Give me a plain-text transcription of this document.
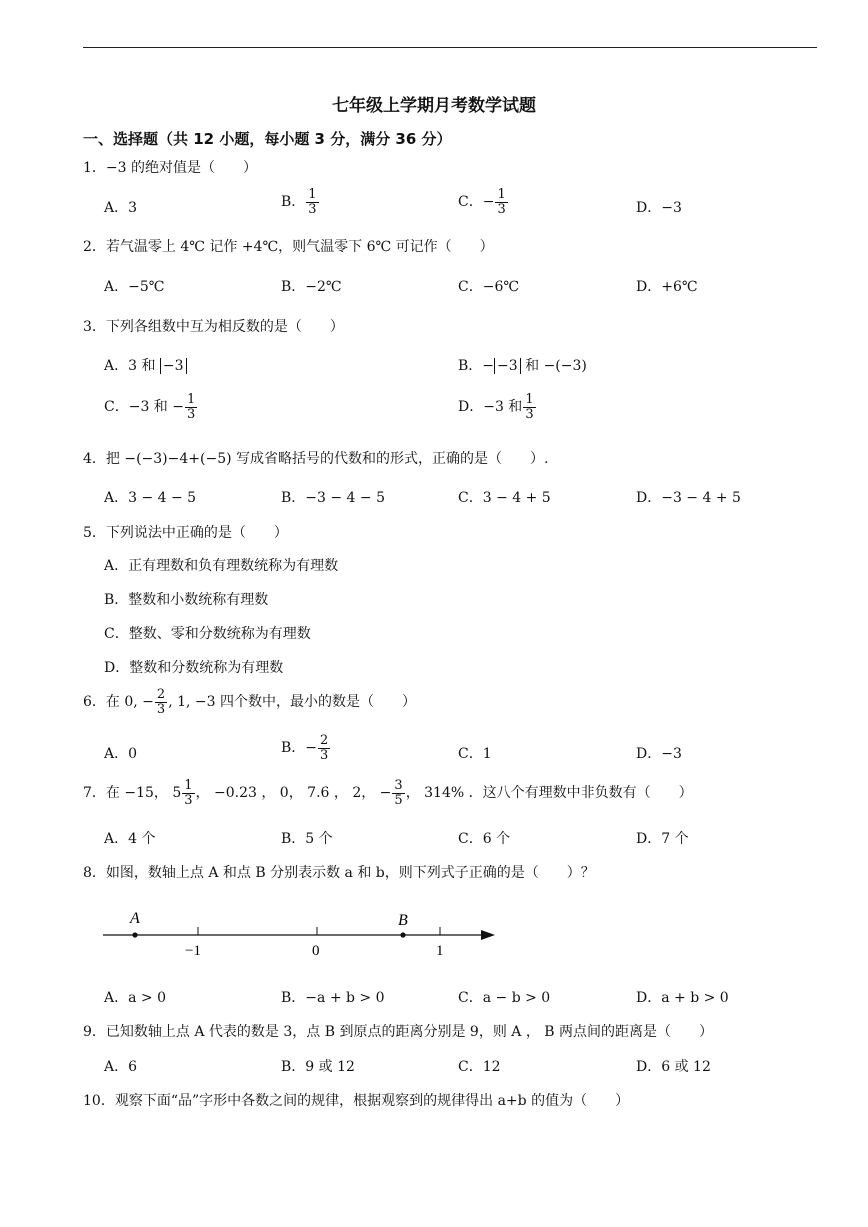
七年级上学期月考数学试题
一、选择题（共 12 小题，每小题 3 分，满分 36 分）
1．−3 的绝对值是（　　）
A．3	B． $\frac{1}{3}$	C．− $\frac{1}{3}$	D．−3
2．若气温零上 4℃ 记作 +4℃，则气温零下 6℃ 可记作（　　）
A．−5℃	B．−2℃	C．−6℃	D．+6℃
3．下列各组数中互为相反数的是（　　）
A．3 和 −3	B．− −3 和 −(−3)
C．−3 和 − $\frac{1}{3}$	D．−3 和 $\frac{1}{3}$
4．把 −(−3)−4+(−5) 写成省略括号的代数和的形式，正确的是（　　）.
A．3 − 4 − 5	B．−3 − 4 − 5	C．3 − 4 + 5	D．−3 − 4 + 5
5．下列说法中正确的是（　　）
A．正有理数和负有理数统称为有理数
B．整数和小数统称有理数
C．整数、零和分数统称为有理数
D．整数和分数统称为有理数
6．在 0, − $\frac{2}{3}$ , 1, −3 四个数中，最小的数是（　　）
A．0	B．− $\frac{2}{3}$	C．1	D．−3
7．在 −15， $5 \frac{1}{3}$ ， −0.23 ， 0， 7.6 ， 2， − $\frac{3}{5}$ ， 314% ．这八个有理数中非负数有（　　）
A．4 个	B．5 个	C．6 个	D．7 个
8．如图，数轴上点 A 和点 B 分别表示数 a 和 b，则下列式子正确的是（　　）？
A	B
−1	0	1
A．a > 0	B．−a + b > 0	C．a − b > 0	D．a + b > 0
9．已知数轴上点 A 代表的数是 3，点 B 到原点的距离分别是 9，则 A ， B 两点间的距离是（　　）
A．6	B．9 或 12	C．12	D．6 或 12
10．观察下面“品”字形中各数之间的规律，根据观察到的规律得出 a+b 的值为（　　）
